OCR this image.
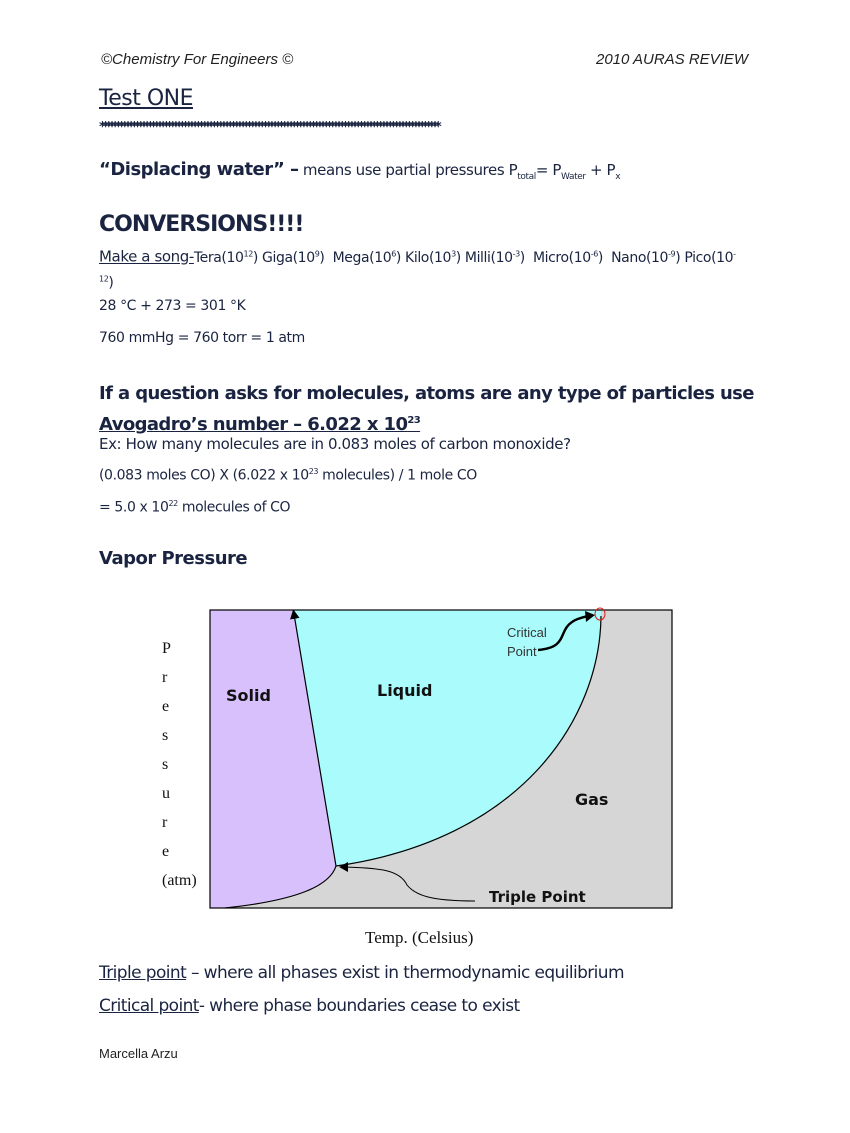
©Chemistry For Engineers ©	2010 AURAS REVIEW
Test ONE
**********************************************************************************************************
“Displacing water” – means use partial pressures $P_{total}= P_{Water} + P_x$
CONVERSIONS!!!!
Make a song-$Tera(10^{12})$ $Giga(10^9)$ $Mega(10^6)$ $Kilo(10^3)$ $Milli(10^{-3})$ $Micro(10^{-6})$ $Nano(10^{-9})$ $Pico(10^{-12})$
28 °C + 273 = 301 °K
760 mmHg = 760 torr = 1 atm
If a question asks for molecules, atoms are any type of particles use
Avogadro’s number – 6.022 x $10^{23}$
Ex: How many molecules are in 0.083 moles of carbon monoxide?
(0.083 moles CO) X (6.022 x $10^{23}$ molecules) / 1 mole CO
= 5.0 x $10^{22}$ molecules of CO
Vapor Pressure
P
r
e
s
s
u
r
e
(atm)
Solid	Liquid
Gas
Critical
Point
Triple Point
Temp. (Celsius)
Triple point – where all phases exist in thermodynamic equilibrium
Critical point- where phase boundaries cease to exist
Marcella Arzu
